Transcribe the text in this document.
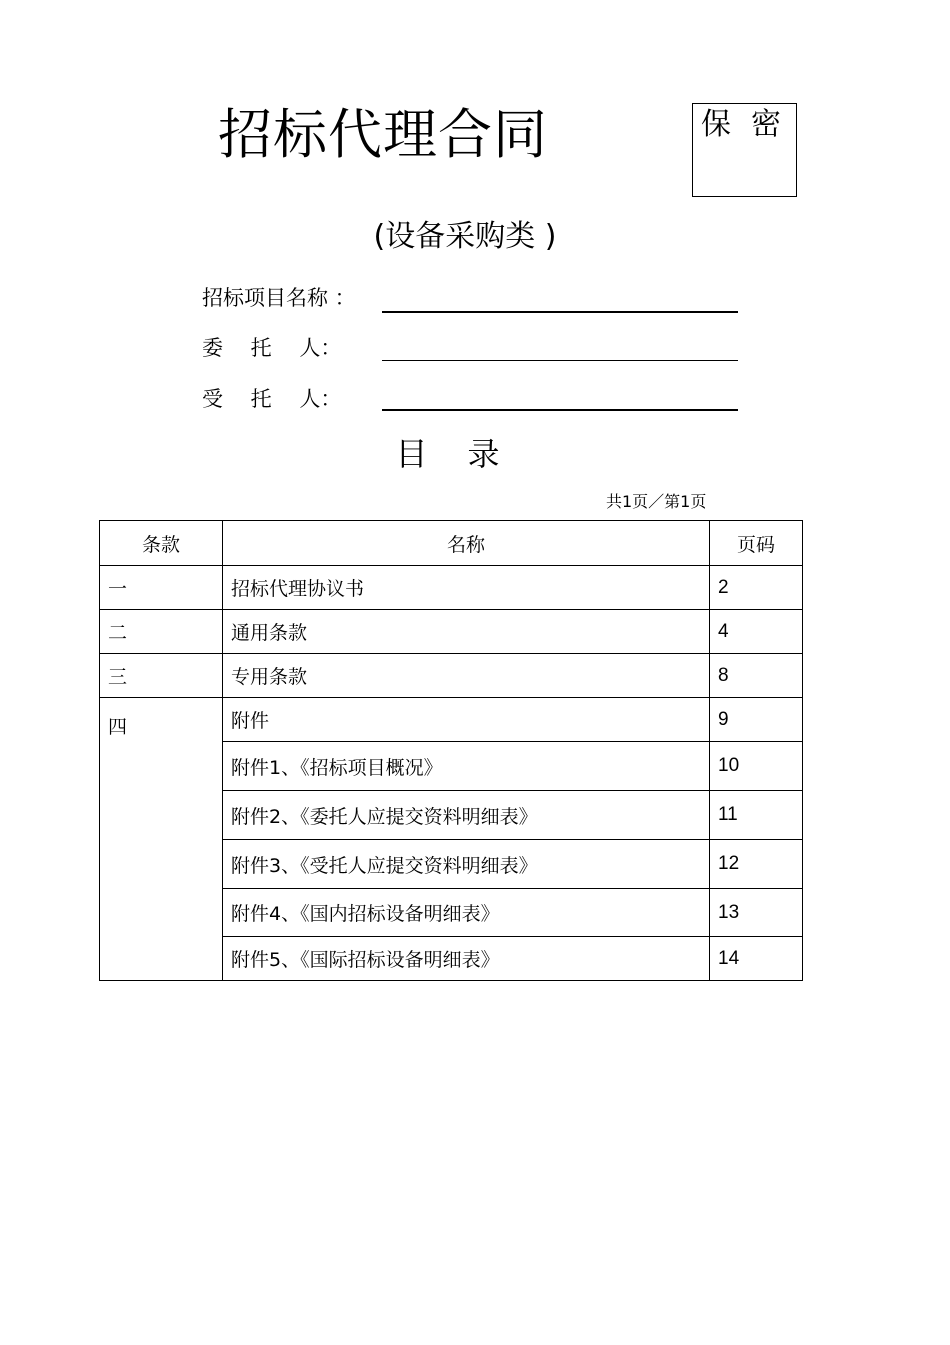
招标代理合同	保密
(设备采购类 )
招标项目名称 ：
委　 托　 人：
受　 托　 人：
目录
共1页／第1页
条款	名称	页码
一	招标代理协议书	2
二	通用条款	4
三	专用条款	8
四	附件	9
	附件1、《招标项目概况》	10
	附件2、《委托人应提交资料明细表》	11
	附件3、《受托人应提交资料明细表》	12
	附件4、《国内招标设备明细表》	13
	附件5、《国际招标设备明细表》	14
